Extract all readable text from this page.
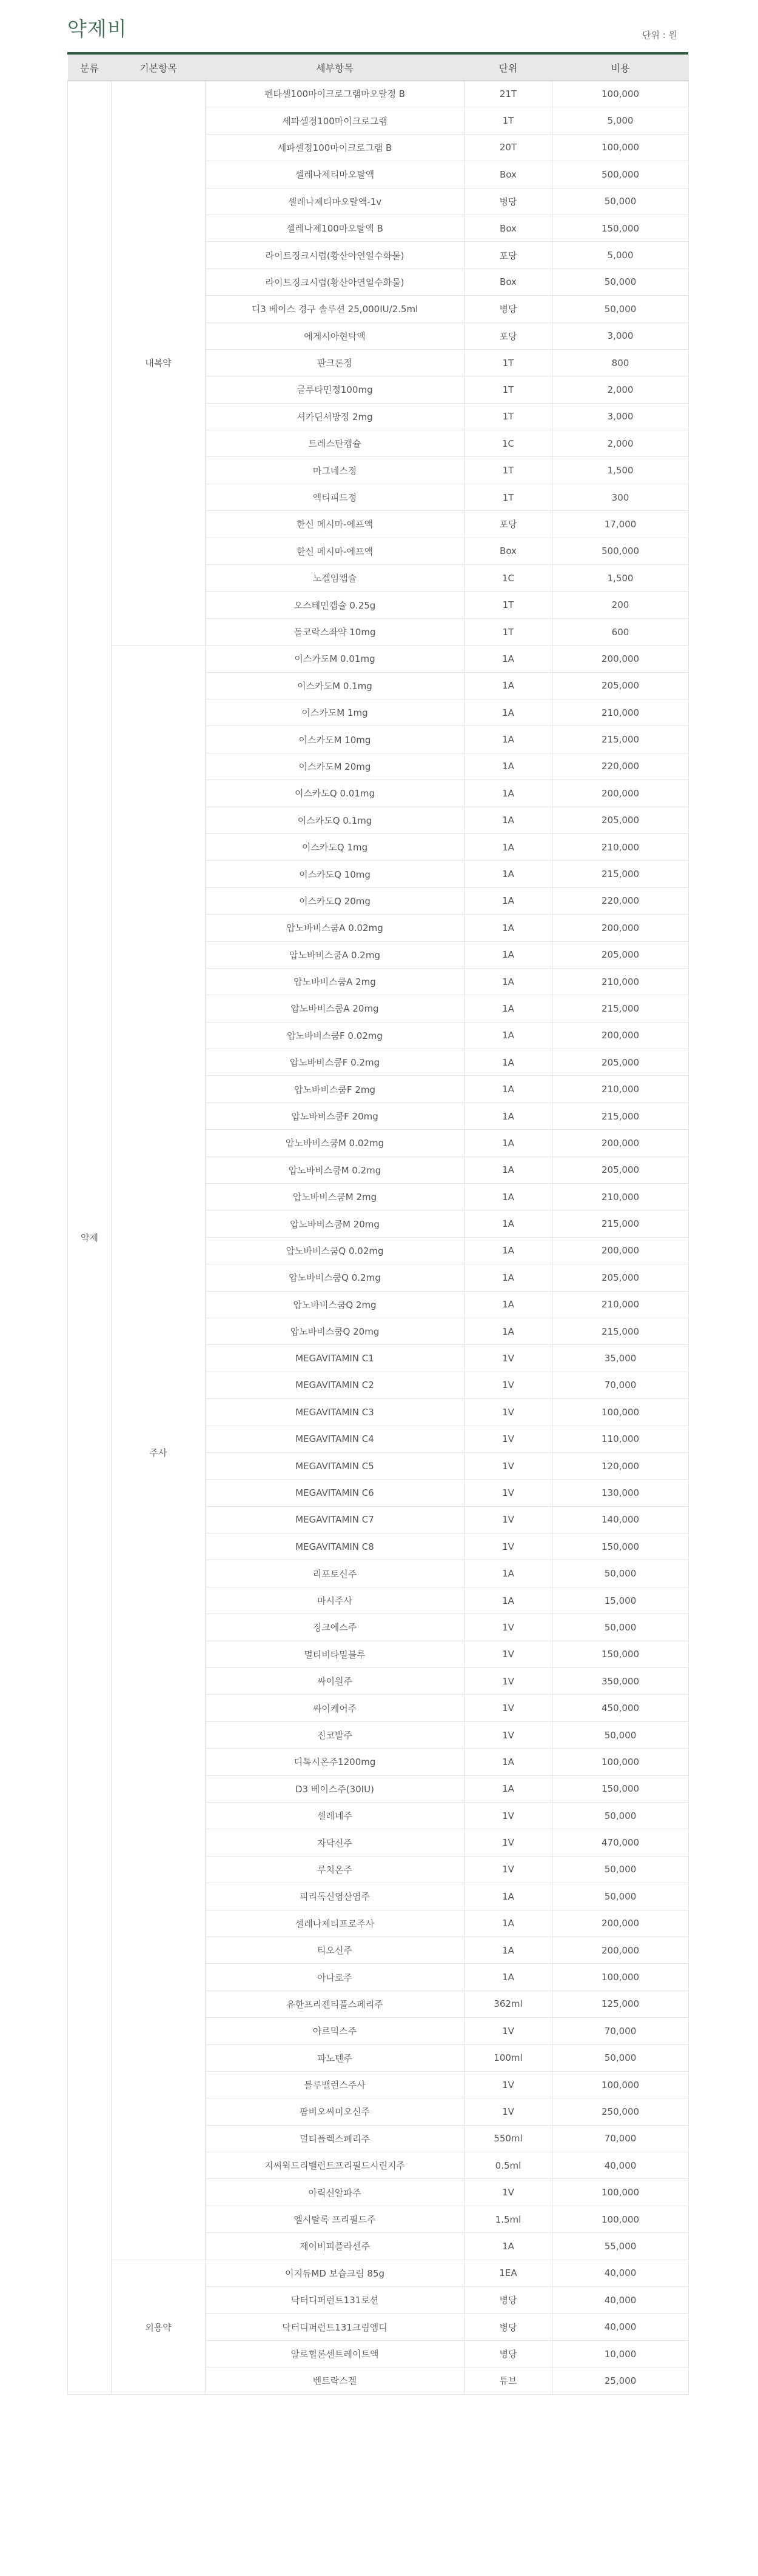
약제비	단위 : 원
분류	기본항목	세부항목	단위	비용
약제	내복약	펜타셀100마이크로그램마오탈정 B	21T	100,000
		세파셀정100마이크로그램	1T	5,000
		세파셀정100마이크로그램 B	20T	100,000
		셀레나제티마오탈액	Box	500,000
		셀레나제티마오탈액-1v	병당	50,000
		셀레나제100마오탈액 B	Box	150,000
		라이트징크시럽(황산아연일수화물)	포당	5,000
		라이트징크시럽(황산아연일수화물)	Box	50,000
		디3 베이스 경구 솔루션 25,000IU/2.5ml	병당	50,000
		에게시아현탁액	포당	3,000
		판크론정	1T	800
		글루타민정100mg	1T	2,000
		셔카딘서방정 2mg	1T	3,000
		트레스탄캡슐	1C	2,000
		마그네스정	1T	1,500
		엑티피드정	1T	300
		한신 메시마-에프액	포당	17,000
		한신 메시마-에프액	Box	500,000
		노겔임캡슐	1C	1,500
		오스테민캡슐 0.25g	1T	200
		돌코락스좌약 10mg	1T	600
	주사	이스카도M 0.01mg	1A	200,000
		이스카도M 0.1mg	1A	205,000
		이스카도M 1mg	1A	210,000
		이스카도M 10mg	1A	215,000
		이스카도M 20mg	1A	220,000
		이스카도Q 0.01mg	1A	200,000
		이스카도Q 0.1mg	1A	205,000
		이스카도Q 1mg	1A	210,000
		이스카도Q 10mg	1A	215,000
		이스카도Q 20mg	1A	220,000
		압노바비스쿰A 0.02mg	1A	200,000
		압노바비스쿰A 0.2mg	1A	205,000
		압노바비스쿰A 2mg	1A	210,000
		압노바비스쿰A 20mg	1A	215,000
		압노바비스쿰F 0.02mg	1A	200,000
		압노바비스쿰F 0.2mg	1A	205,000
		압노바비스쿰F 2mg	1A	210,000
		압노바비스쿰F 20mg	1A	215,000
		압노바비스쿰M 0.02mg	1A	200,000
		압노바비스쿰M 0.2mg	1A	205,000
		압노바비스쿰M 2mg	1A	210,000
		압노바비스쿰M 20mg	1A	215,000
		압노바비스쿰Q 0.02mg	1A	200,000
		압노바비스쿰Q 0.2mg	1A	205,000
		압노바비스쿰Q 2mg	1A	210,000
		압노바비스쿰Q 20mg	1A	215,000
		MEGAVITAMIN C1	1V	35,000
		MEGAVITAMIN C2	1V	70,000
		MEGAVITAMIN C3	1V	100,000
		MEGAVITAMIN C4	1V	110,000
		MEGAVITAMIN C5	1V	120,000
		MEGAVITAMIN C6	1V	130,000
		MEGAVITAMIN C7	1V	140,000
		MEGAVITAMIN C8	1V	150,000
		리포토신주	1A	50,000
		마시주사	1A	15,000
		징크에스주	1V	50,000
		멀티비타밀블루	1V	150,000
		싸이원주	1V	350,000
		싸이케어주	1V	450,000
		진코발주	1V	50,000
		디톡시온주1200mg	1A	100,000
		D3 베이스주(30IU)	1A	150,000
		셀레네주	1V	50,000
		자닥신주	1V	470,000
		루치온주	1V	50,000
		피리독신염산염주	1A	50,000
		셀레나제티프로주사	1A	200,000
		티오신주	1A	200,000
		아나로주	1A	100,000
		유한프리젠티플스페리주	362ml	125,000
		아르믹스주	1V	70,000
		파노텐주	100ml	50,000
		블루밸런스주사	1V	100,000
		팜비오씨미오신주	1V	250,000
		멀티플렉스페리주	550ml	70,000
		지씨웍드리밸런트프리필드시린지주	0.5ml	40,000
		아릭신알파주	1V	100,000
		엘시탈록 프리필드주	1.5ml	100,000
		제이비피플라센주	1A	55,000
	외용약	이지듀MD 보습크림 85g	1EA	40,000
		닥터디퍼런트131로션	병당	40,000
		닥터디퍼런트131크림엠디	병당	40,000
		알로힐론센트레이트액	병당	10,000
		벤트락스겔	튜브	25,000
